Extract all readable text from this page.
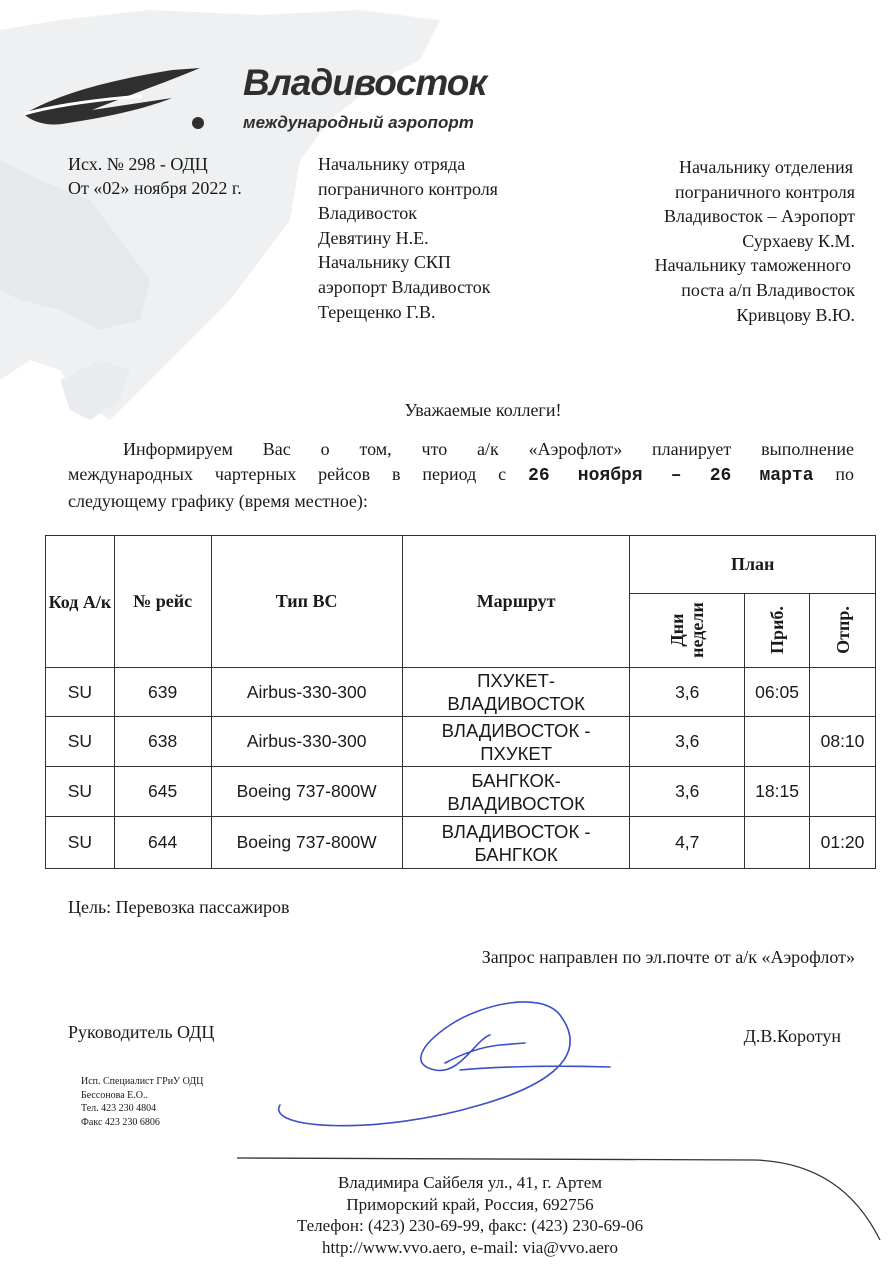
Владивосток
международный аэропорт
Исх. № 298 - ОДЦ
От «02» ноября 2022 г.
Начальнику отряда
пограничного контроля
Владивосток
Девятину Н.Е.
Начальнику СКП
аэропорт Владивосток
Терещенко Г.В.
Начальнику отделения
пограничного контроля
Владивосток – Аэропорт
Сурхаеву К.М.
Начальнику таможенного
поста а/п Владивосток
Кривцову В.Ю.
Уважаемые коллеги!
Информируем Вас о том, что а/к «Аэрофлот» планирует выполнение
международных чартерных рейсов в период с 26 ноября – 26 марта по
следующему графику (время местное):
Код А/к	№ рейс	Тип ВС	Маршрут	План		
				Дни недели	Приб.	Отпр.
SU	639	Airbus-330-300	ПХУКЕТ-
ВЛАДИВОСТОК	3,6	06:05	
SU	638	Airbus-330-300	ВЛАДИВОСТОК -
ПХУКЕТ	3,6		08:10
SU	645	Boeing 737-800W	БАНГКОК-
ВЛАДИВОСТОК	3,6	18:15	
SU	644	Boeing 737-800W	ВЛАДИВОСТОК -
БАНГКОК	4,7		01:20
Цель: Перевозка пассажиров
Запрос направлен по эл.почте от а/к «Аэрофлот»
Руководитель ОДЦ	Д.В.Коротун
Исп. Специалист ГРиУ ОДЦ
Бессонова Е.О..
Тел. 423 230 4804
Факс 423 230 6806
Владимира Сайбеля ул., 41, г. Артем
Приморский край, Россия, 692756
Телефон: (423) 230-69-99, факс: (423) 230-69-06
http://www.vvo.aero, e-mail: via@vvo.aero
